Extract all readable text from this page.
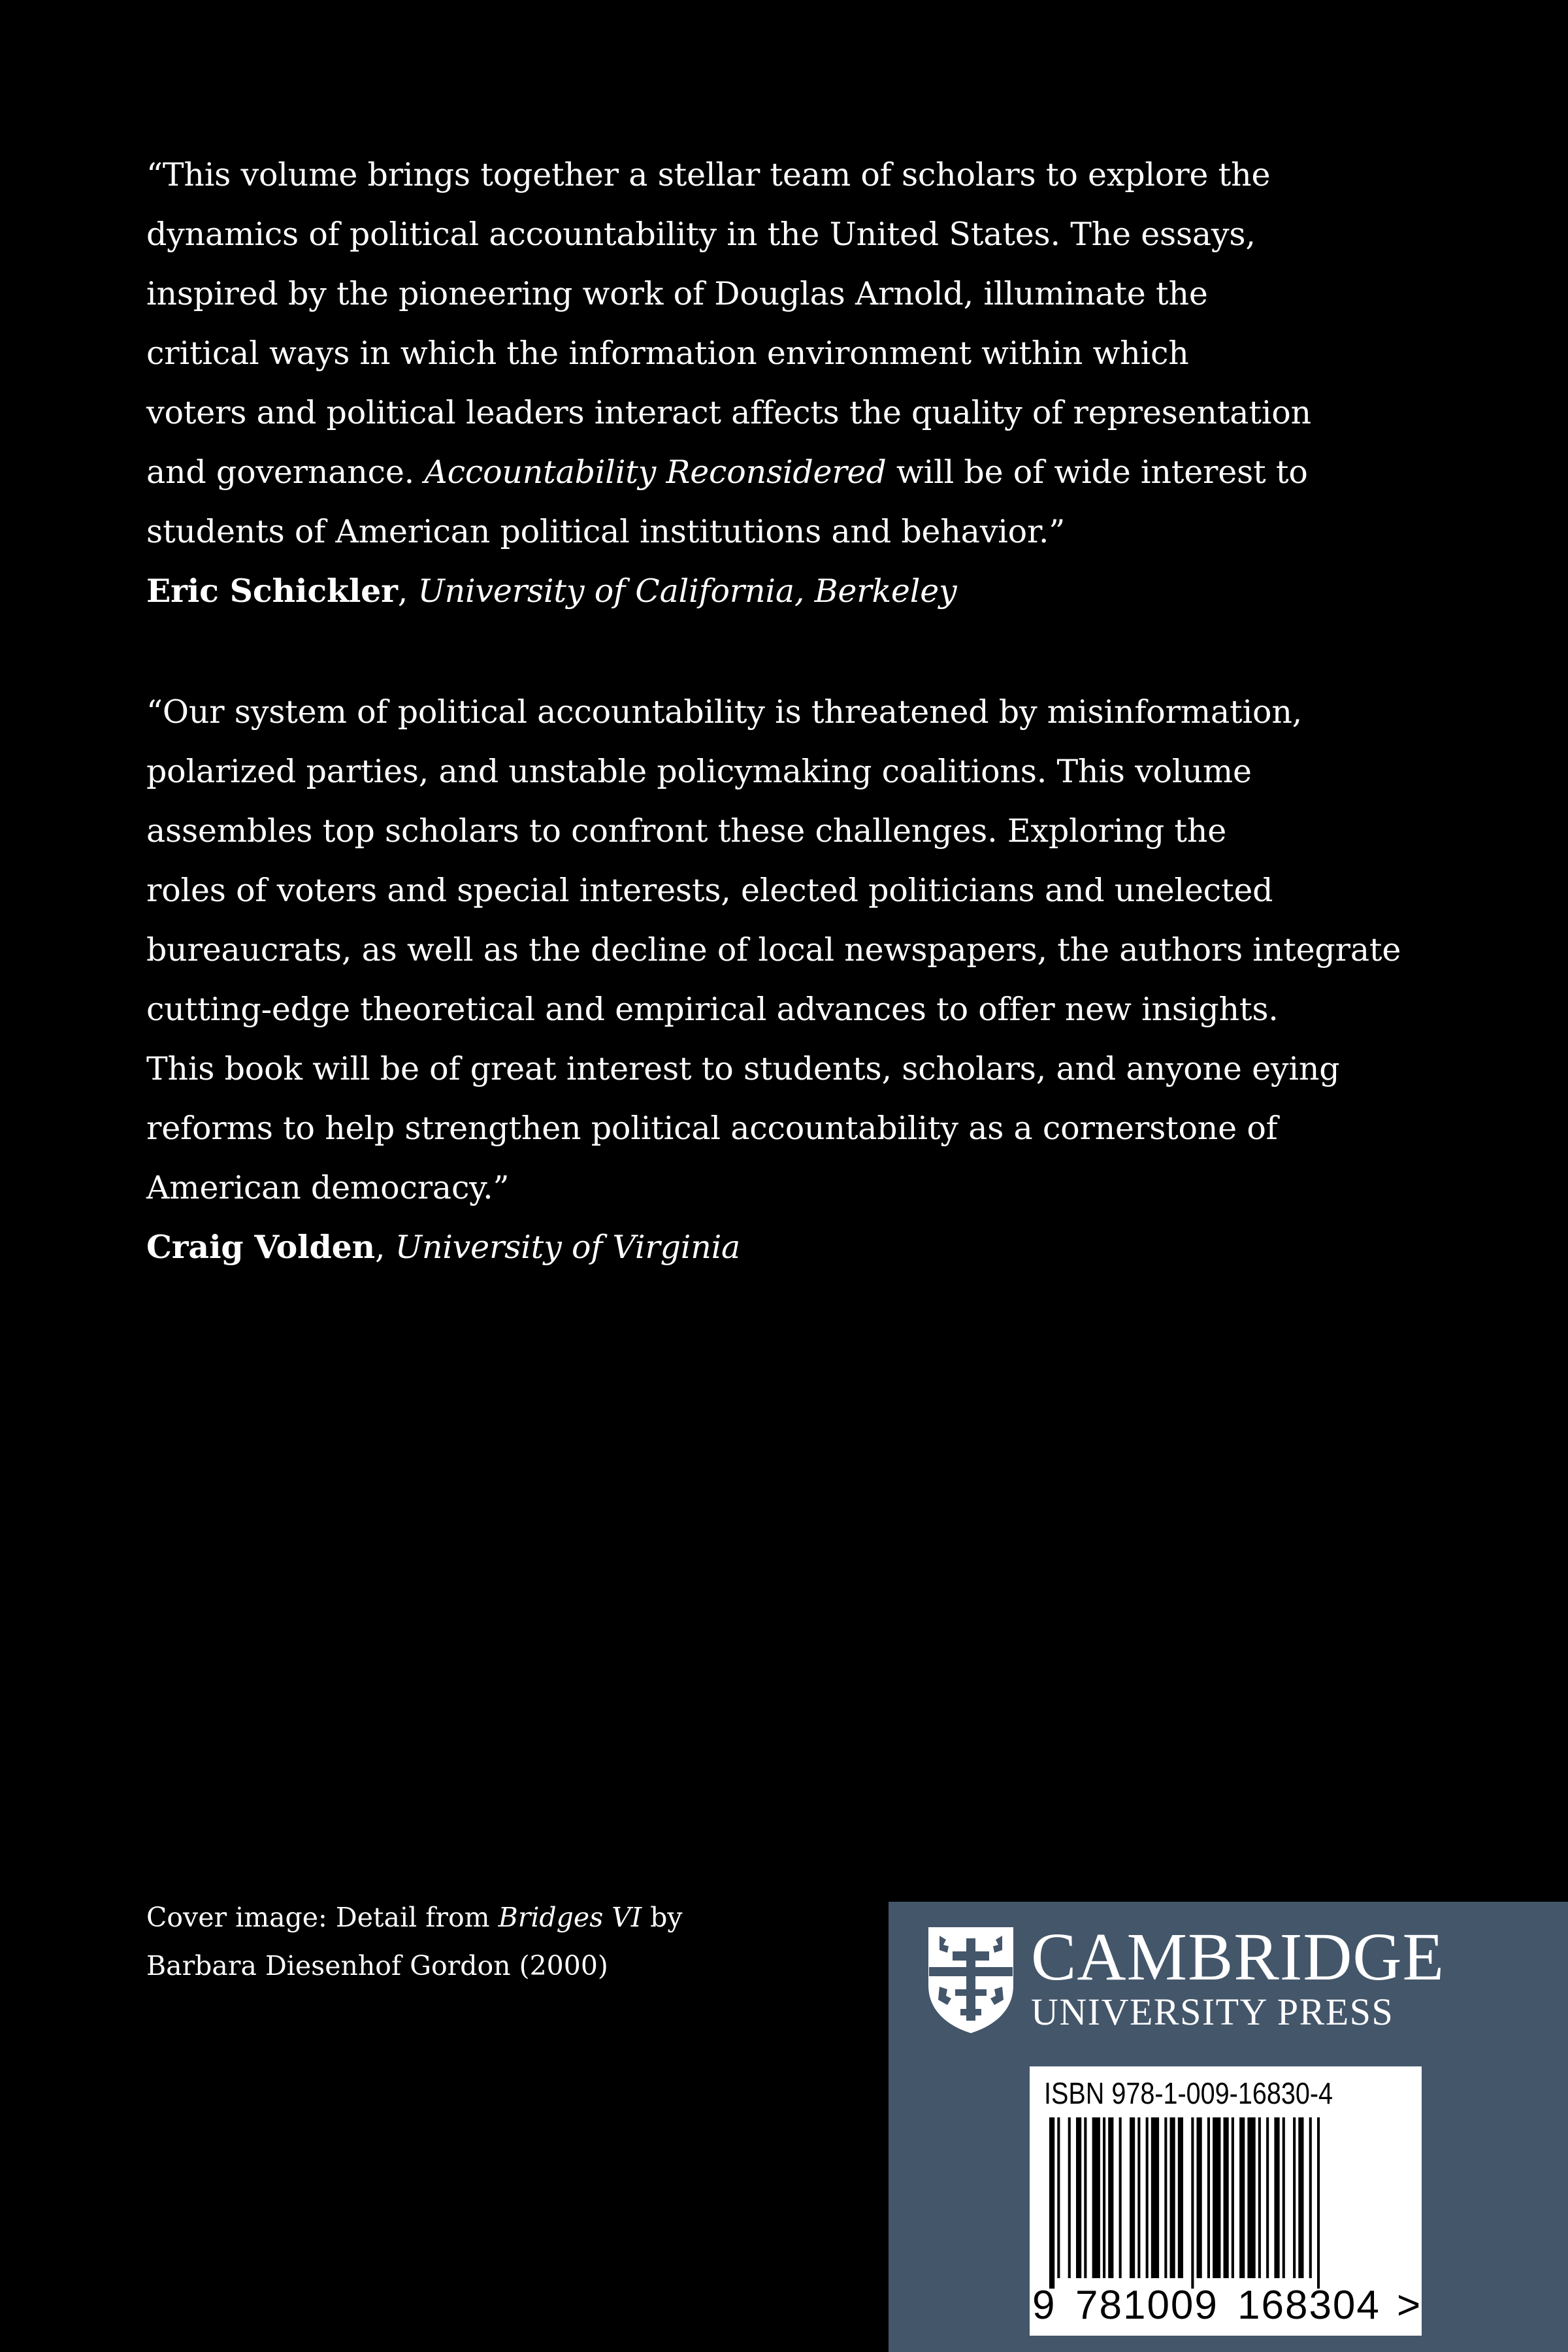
“This volume brings together a stellar team of scholars to explore the
dynamics of political accountability in the United States. The essays,
inspired by the pioneering work of Douglas Arnold, illuminate the
critical ways in which the information environment within which
voters and political leaders interact affects the quality of representation
and governance. Accountability Reconsidered will be of wide interest to
students of American political institutions and behavior.”
Eric Schickler, University of California, Berkeley
“Our system of political accountability is threatened by misinformation,
polarized parties, and unstable policymaking coalitions. This volume
assembles top scholars to confront these challenges. Exploring the
roles of voters and special interests, elected politicians and unelected
bureaucrats, as well as the decline of local newspapers, the authors integrate
cutting-edge theoretical and empirical advances to offer new insights.
This book will be of great interest to students, scholars, and anyone eying
reforms to help strengthen political accountability as a cornerstone of
American democracy.”
Craig Volden, University of Virginia
Cover image: Detail from Bridges VI by
Barbara Diesenhof Gordon (2000)	CAMBRIDGE
UNIVERSITY PRESS
ISBN 978-1-009-16830-4
9 781009 168304 >
